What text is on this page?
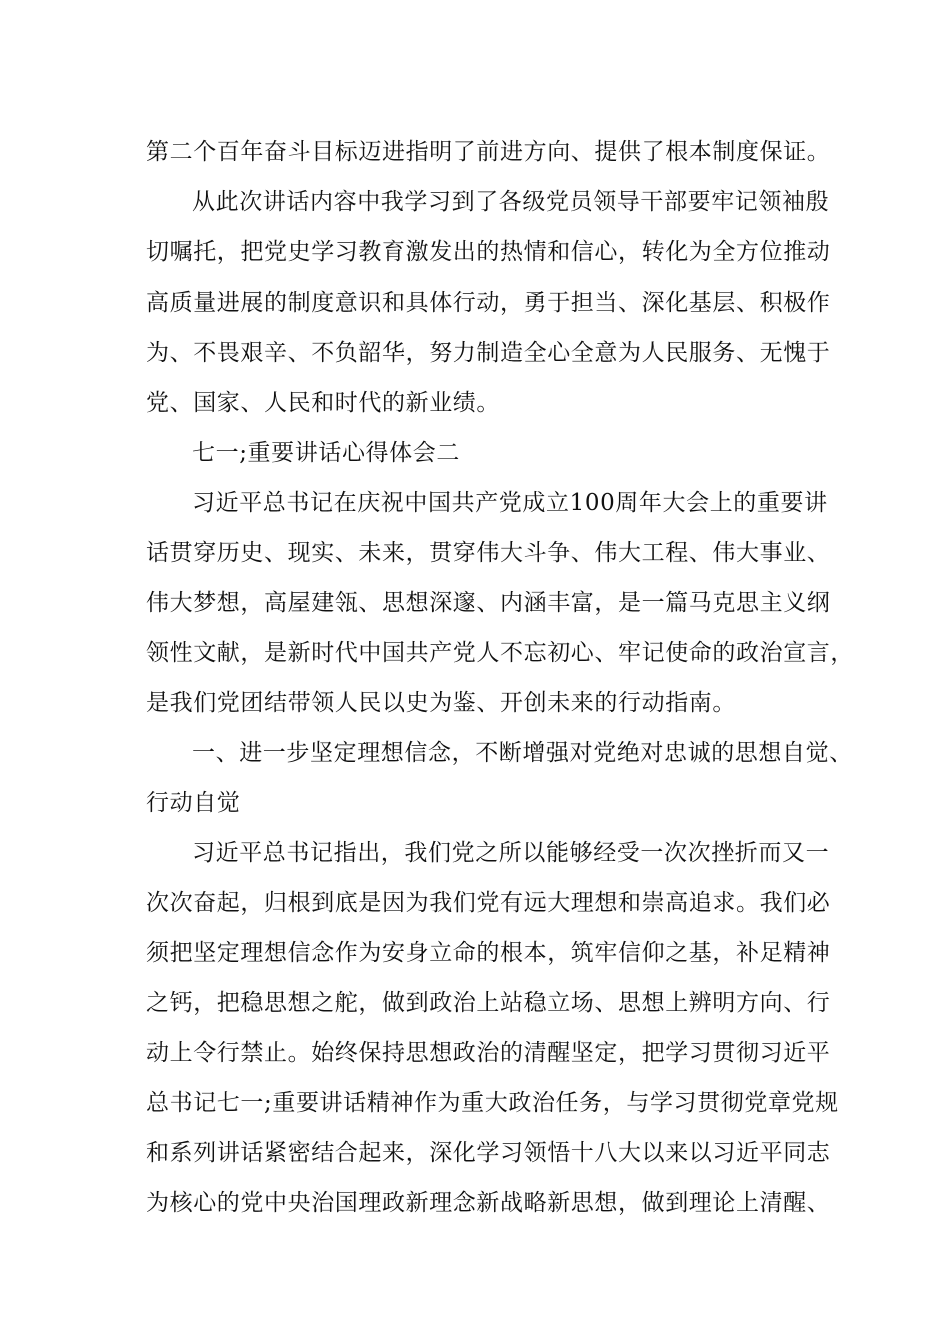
第二个百年奋斗目标迈进指明了前进方向、提供了根本制度保证。
从此次讲话内容中我学习到了各级党员领导干部要牢记领袖殷
切嘱托，把党史学习教育激发出的热情和信心，转化为全方位推动
高质量进展的制度意识和具体行动，勇于担当、深化基层、积极作
为、不畏艰辛、不负韶华，努力制造全心全意为人民服务、无愧于
党、国家、人民和时代的新业绩。
七一;重要讲话心得体会二
习近平总书记在庆祝中国共产党成立100周年大会上的重要讲
话贯穿历史、现实、未来，贯穿伟大斗争、伟大工程、伟大事业、
伟大梦想，高屋建瓴、思想深邃、内涵丰富，是一篇马克思主义纲
领性文献，是新时代中国共产党人不忘初心、牢记使命的政治宣言，
是我们党团结带领人民以史为鉴、开创未来的行动指南。
一、进一步坚定理想信念，不断增强对党绝对忠诚的思想自觉、
行动自觉
习近平总书记指出，我们党之所以能够经受一次次挫折而又一
次次奋起，归根到底是因为我们党有远大理想和崇高追求。我们必
须把坚定理想信念作为安身立命的根本，筑牢信仰之基，补足精神
之钙，把稳思想之舵，做到政治上站稳立场、思想上辨明方向、行
动上令行禁止。始终保持思想政治的清醒坚定，把学习贯彻习近平
总书记七一;重要讲话精神作为重大政治任务，与学习贯彻党章党规
和系列讲话紧密结合起来，深化学习领悟十八大以来以习近平同志
为核心的党中央治国理政新理念新战略新思想，做到理论上清醒、
